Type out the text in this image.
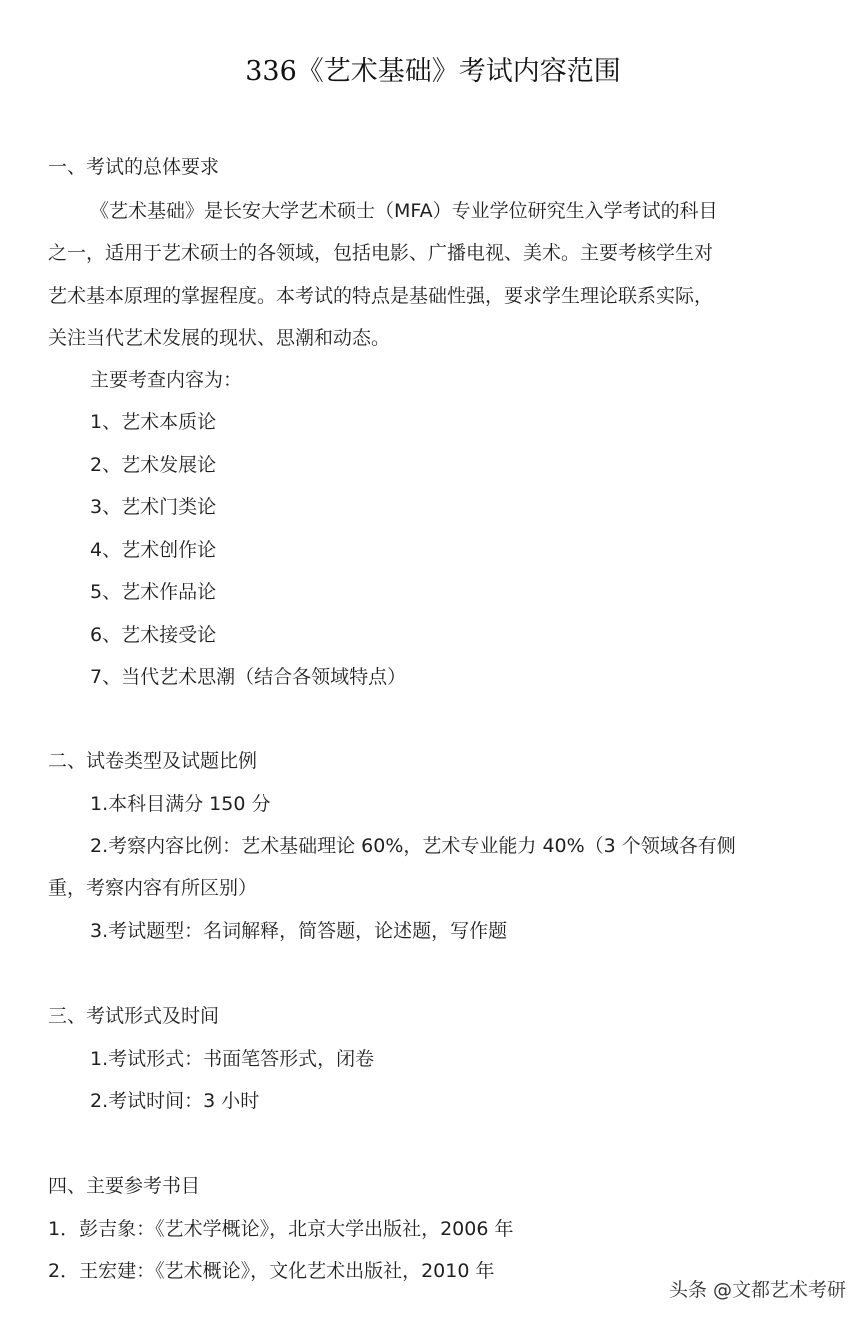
336《艺术基础》考试内容范围
一、考试的总体要求
《艺术基础》是长安大学艺术硕士（MFA）专业学位研究生入学考试的科目
之一，适用于艺术硕士的各领域，包括电影、广播电视、美术。主要考核学生对
艺术基本原理的掌握程度。本考试的特点是基础性强，要求学生理论联系实际，
关注当代艺术发展的现状、思潮和动态。
主要考查内容为：
1、艺术本质论
2、艺术发展论
3、艺术门类论
4、艺术创作论
5、艺术作品论
6、艺术接受论
7、当代艺术思潮（结合各领域特点）
二、试卷类型及试题比例
1.本科目满分 150 分
2.考察内容比例：艺术基础理论 60%，艺术专业能力 40%（3 个领域各有侧
重，考察内容有所区别）
3.考试题型：名词解释，简答题，论述题，写作题
三、考试形式及时间
1.考试形式：书面笔答形式，闭卷
2.考试时间：3 小时
四、主要参考书目
1．彭吉象：《艺术学概论》，北京大学出版社，2006 年
2．王宏建：《艺术概论》，文化艺术出版社，2010 年
头条 @文都艺术考研
